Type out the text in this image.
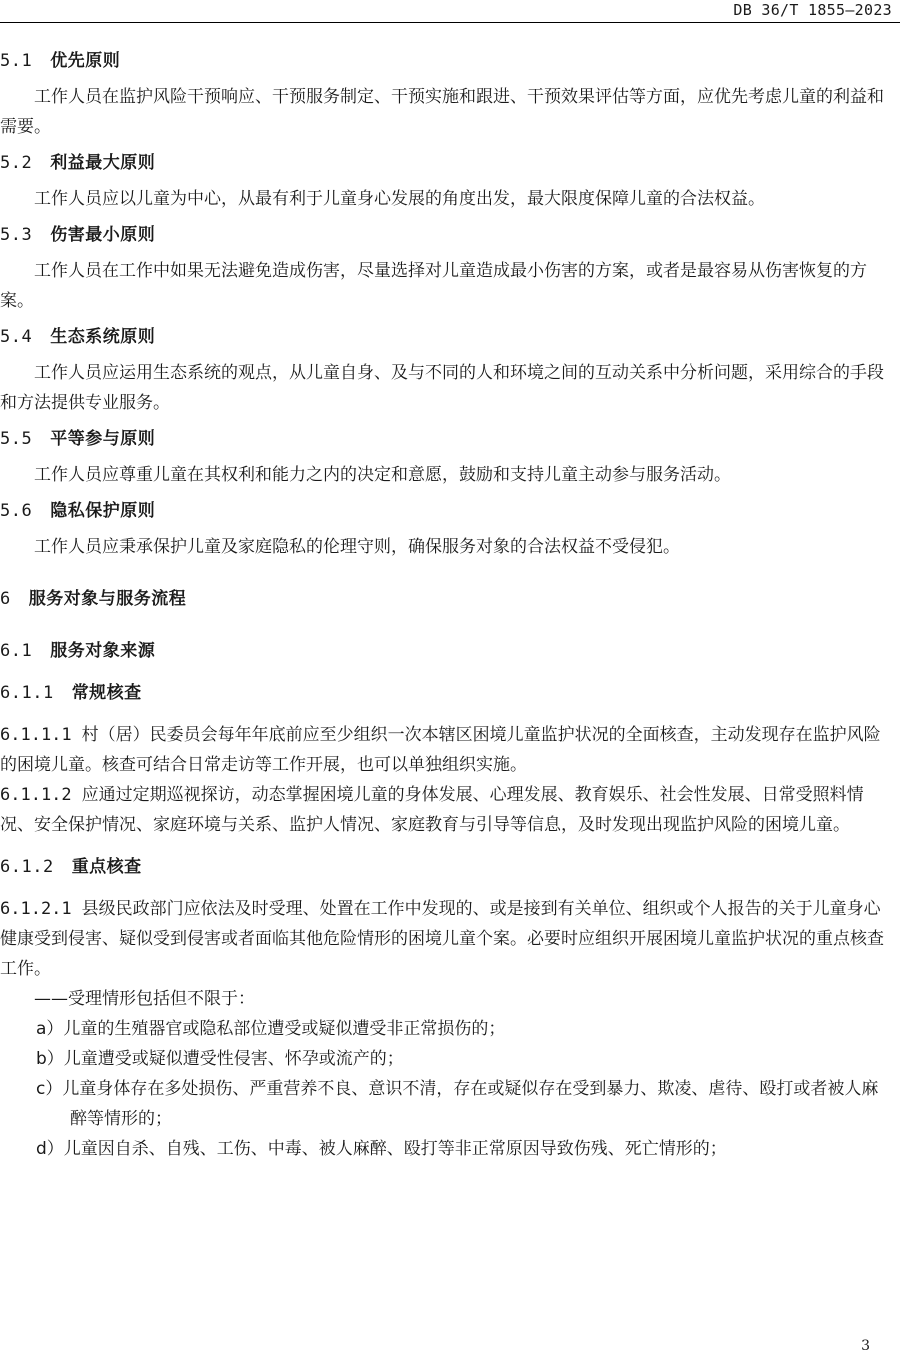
DB 36/T 1855—2023
5.1 优先原则
工作人员在监护风险干预响应、干预服务制定、干预实施和跟进、干预效果评估等方面，应优先考虑儿童的利益和需要。
5.2 利益最大原则
工作人员应以儿童为中心，从最有利于儿童身心发展的角度出发，最大限度保障儿童的合法权益。
5.3 伤害最小原则
工作人员在工作中如果无法避免造成伤害，尽量选择对儿童造成最小伤害的方案，或者是最容易从伤害恢复的方案。
5.4 生态系统原则
工作人员应运用生态系统的观点，从儿童自身、及与不同的人和环境之间的互动关系中分析问题，采用综合的手段和方法提供专业服务。
5.5 平等参与原则
工作人员应尊重儿童在其权利和能力之内的决定和意愿，鼓励和支持儿童主动参与服务活动。
5.6 隐私保护原则
工作人员应秉承保护儿童及家庭隐私的伦理守则，确保服务对象的合法权益不受侵犯。
6 服务对象与服务流程
6.1 服务对象来源
6.1.1 常规核查
6.1.1.1 村（居）民委员会每年年底前应至少组织一次本辖区困境儿童监护状况的全面核查，主动发现存在监护风险的困境儿童。核查可结合日常走访等工作开展，也可以单独组织实施。
6.1.1.2 应通过定期巡视探访，动态掌握困境儿童的身体发展、心理发展、教育娱乐、社会性发展、日常受照料情况、安全保护情况、家庭环境与关系、监护人情况、家庭教育与引导等信息，及时发现出现监护风险的困境儿童。
6.1.2 重点核查
6.1.2.1 县级民政部门应依法及时受理、处置在工作中发现的、或是接到有关单位、组织或个人报告的关于儿童身心健康受到侵害、疑似受到侵害或者面临其他危险情形的困境儿童个案。必要时应组织开展困境儿童监护状况的重点核查工作。
——受理情形包括但不限于：
a）儿童的生殖器官或隐私部位遭受或疑似遭受非正常损伤的；
b）儿童遭受或疑似遭受性侵害、怀孕或流产的；
c）儿童身体存在多处损伤、严重营养不良、意识不清，存在或疑似存在受到暴力、欺凌、虐待、殴打或者被人麻醉等情形的；
d）儿童因自杀、自残、工伤、中毒、被人麻醉、殴打等非正常原因导致伤残、死亡情形的；
3
